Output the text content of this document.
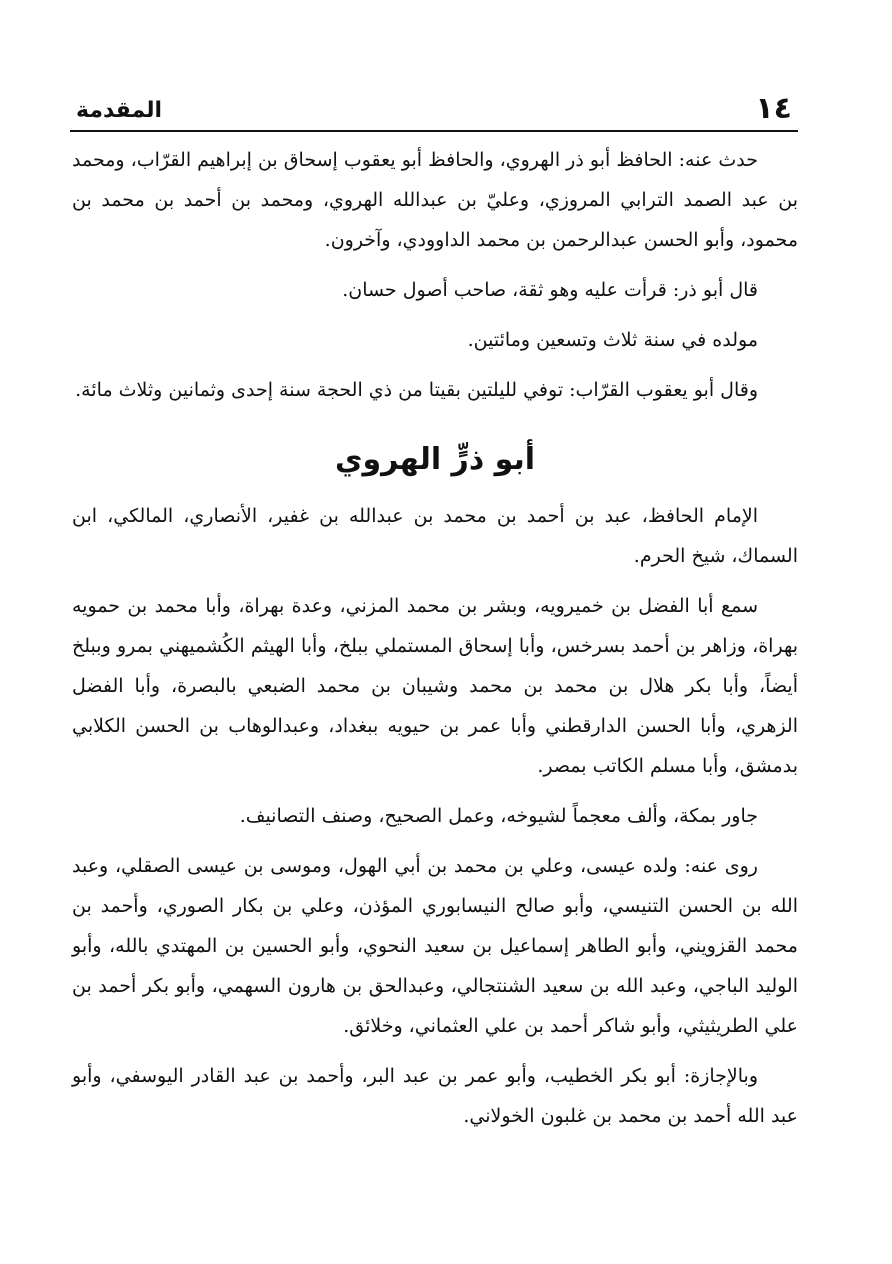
١٤
المقدمة

حدث عنه: الحافظ أبو ذر الهروي، والحافظ أبو يعقوب إسحاق بن إبراهيم القرّاب، ومحمد بن عبد الصمد الترابي المروزي، وعليّ بن عبدالله الهروي، ومحمد بن أحمد بن محمد بن محمود، وأبو الحسن عبدالرحمن بن محمد الداوودي، وآخرون.

قال أبو ذر: قرأت عليه وهو ثقة، صاحب أصول حسان.

مولده في سنة ثلاث وتسعين ومائتين.

وقال أبو يعقوب القرّاب: توفي لليلتين بقيتا من ذي الحجة سنة إحدى وثمانين وثلاث مائة.

أبو ذرٍّ الهروي

الإمام الحافظ، عبد بن أحمد بن محمد بن عبدالله بن غفير، الأنصاري، المالكي، ابن السماك، شيخ الحرم.

سمع أبا الفضل بن خميرويه، وبشر بن محمد المزني، وعدة بهراة، وأبا محمد بن حمويه بهراة، وزاهر بن أحمد بسرخس، وأبا إسحاق المستملي ببلخ، وأبا الهيثم الكُشميهني بمرو وببلخ أيضاً، وأبا بكر هلال بن محمد بن محمد وشيبان بن محمد الضبعي بالبصرة، وأبا الفضل الزهري، وأبا الحسن الدارقطني وأبا عمر بن حيويه ببغداد، وعبدالوهاب بن الحسن الكلابي بدمشق، وأبا مسلم الكاتب بمصر.

جاور بمكة، وألف معجماً لشيوخه، وعمل الصحيح، وصنف التصانيف.

روى عنه: ولده عيسى، وعلي بن محمد بن أبي الهول، وموسى بن عيسى الصقلي، وعبد الله بن الحسن التنيسي، وأبو صالح النيسابوري المؤذن، وعلي بن بكار الصوري، وأحمد بن محمد القزويني، وأبو الطاهر إسماعيل بن سعيد النحوي، وأبو الحسين بن المهتدي بالله، وأبو الوليد الباجي، وعبد الله بن سعيد الشنتجالي، وعبدالحق بن هارون السهمي، وأبو بكر أحمد بن علي الطريثيثي، وأبو شاكر أحمد بن علي العثماني، وخلائق.

وبالإجازة: أبو بكر الخطيب، وأبو عمر بن عبد البر، وأحمد بن عبد القادر اليوسفي، وأبو عبد الله أحمد بن محمد بن غلبون الخولاني.
